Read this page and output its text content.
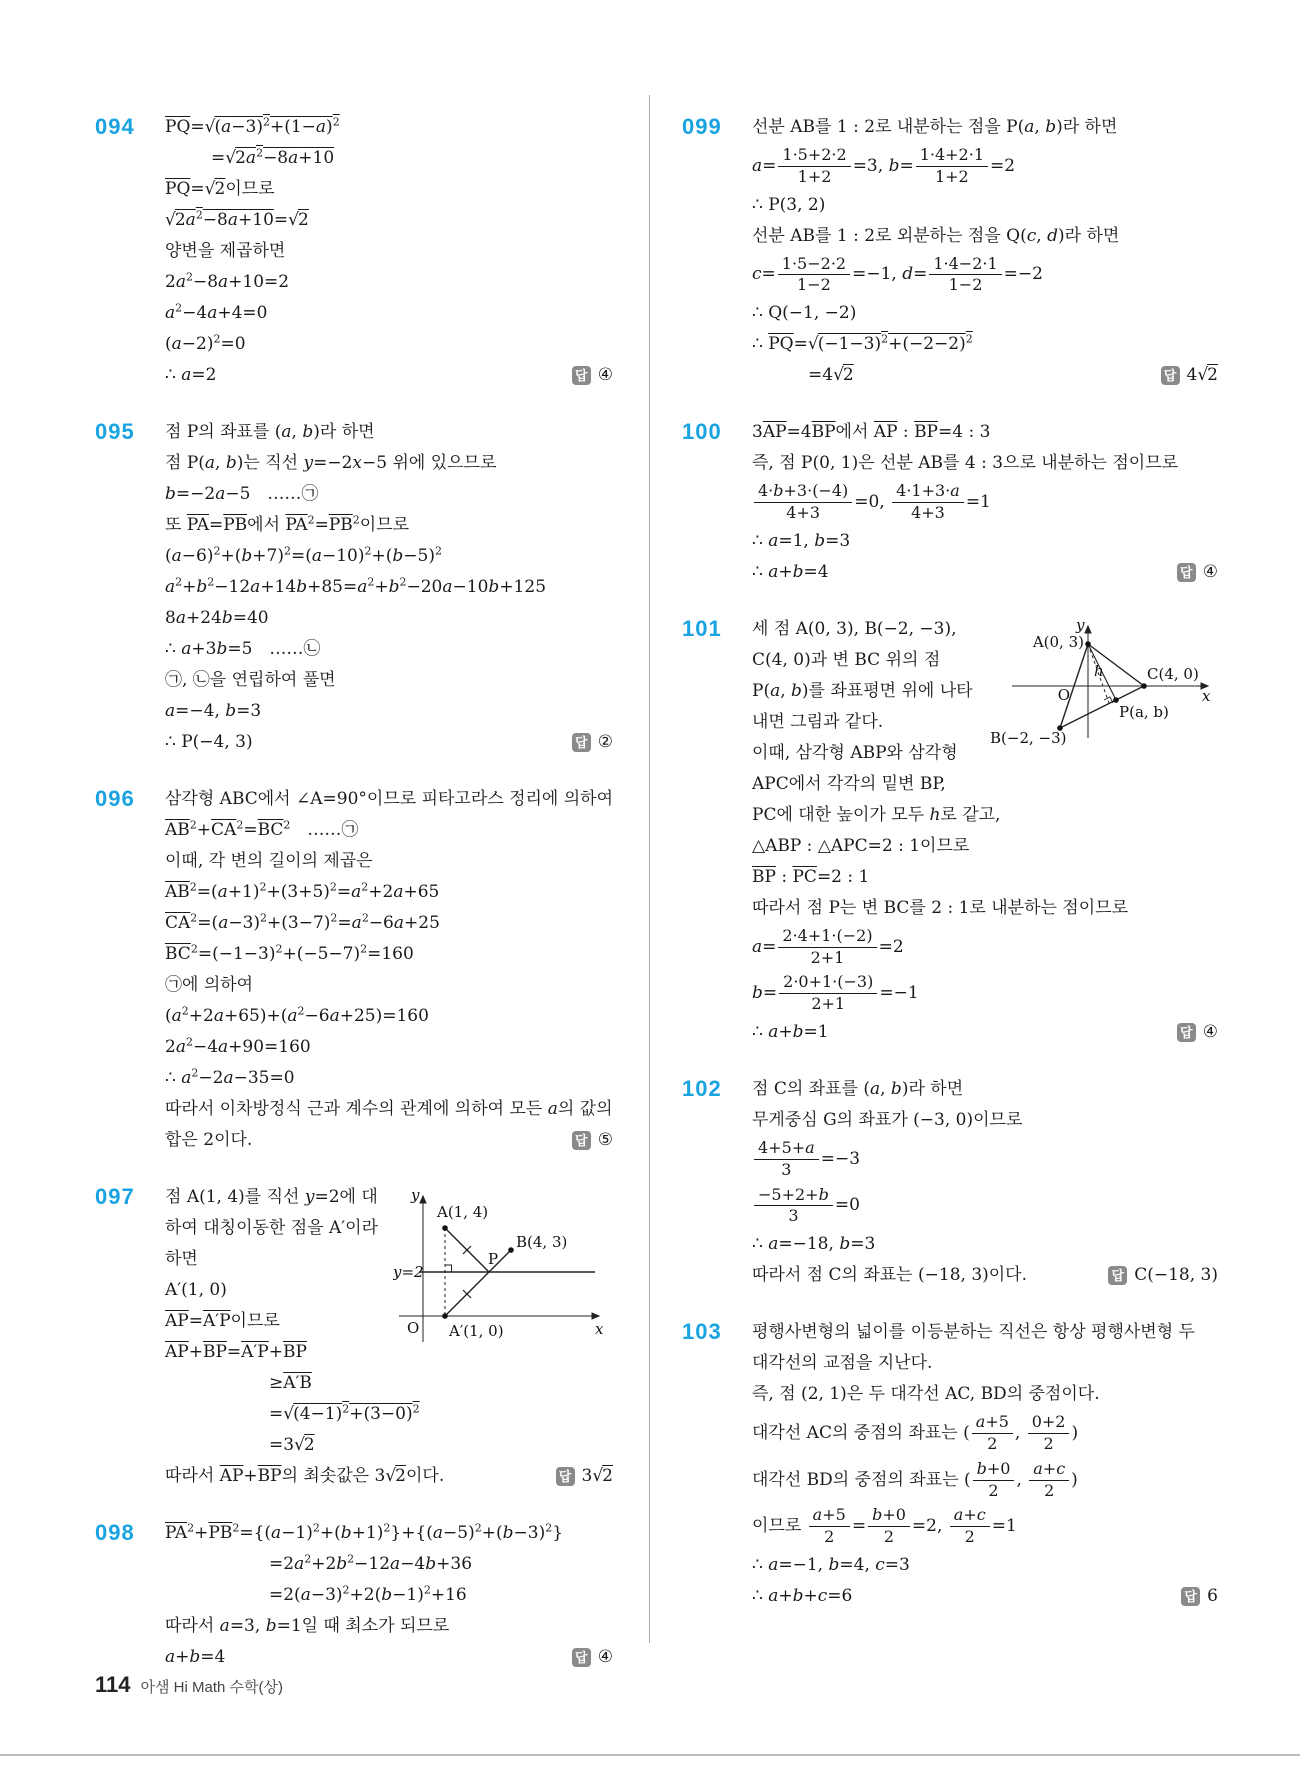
094	$\overline{PQ}=√(a-3)^2+(1-a)^2$
$=√2a^2-8a+10$
$\overline{PQ}=√2$이므로
$√2a^2-8a+10=√2$
양변을 제곱하면
$2a^2-8a+10=2$
$a^2-4a+4=0$
$(a-2)^2=0$
답 ④
∴ a=2
095	점 P의 좌표를 (a, b)라 하면
점 P(a, b)는 직선 y=−2x−5 위에 있으므로
b=−2a−5　……㉠
또 $\overline{PA}=\overline{PB}$에서 $\overline{PA}^2=\overline{PB}^2$이므로
$(a-6)^2+(b+7)^2=(a-10)^2+(b-5)^2$
$a^2+b^2-12a+14b+85=a^2+b^2-20a-10b+125$
8a+24b=40
∴ a+3b=5　……㉡
㉠, ㉡을 연립하여 풀면
a=−4, b=3
답 ②
∴ P(−4, 3)
096	삼각형 ABC에서 ∠A=90°이므로 피타고라스 정리에 의하여
$\overline{AB}^2+\overline{CA}^2=\overline{BC}^2$　……㉠
이때, 각 변의 길이의 제곱은
$\overline{AB}^2=(a+1)^2+(3+5)^2=a^2+2a+65$
$\overline{CA}^2=(a-3)^2+(3-7)^2=a^2-6a+25$
$\overline{BC}^2=(-1-3)^2+(-5-7)^2=160$
㉠에 의하여
$(a^2+2a+65)+(a^2-6a+25)=160$
$2a^2-4a+90=160$
∴ $a^2-2a-35=0$
따라서 이차방정식 근과 계수의 관계에 의하여 모든 a의 값의
답 ⑤
합은 2이다.
097	y
x
O
A(1, 4)
B(4, 3)
P
y=2
A′(1, 0)
점 A(1, 4)를 직선 y=2에 대
하여 대칭이동한 점을 A′이라
하면
A′(1, 0)
$\overline{AP}=A'P$이므로
$\overline{AP}+\overline{BP}=A'P+\overline{BP}$
≥A′B
$=√(4-1)^2+(3-0)^2$
=3√2
답 3√2
따라서 $\overline{AP}+\overline{BP}$의 최솟값은 3√2이다.
098	$\overline{PA}^2+\overline{PB}^2=\{(a-1)^2+(b+1)^2\}+\{(a-5)^2+(b-3)^2\}$
$=2a^2+2b^2-12a-4b+36$
$=2(a-3)^2+2(b-1)^2+16$
따라서 a=3, b=1일 때 최소가 되므로
답 ④
a+b=4
099	선분 AB를 1 : 2로 내분하는 점을 P(a, b)라 하면
$a= \frac{1\cdot 5+2\cdot 2}{1+2} =3$, $b= \frac{1\cdot 4+2\cdot 1}{1+2} =2$
∴ P(3, 2)
선분 AB를 1 : 2로 외분하는 점을 Q(c, d)라 하면
$c= \frac{1\cdot 5-2\cdot 2}{1-2} =-1$, $d= \frac{1\cdot 4-2\cdot 1}{1-2} =-2$
∴ Q(−1, −2)
∴ $\overline{PQ}=√(-1-3)^2+(-2-2)^2$
답 4√2
=4√2
100	$3\overline{AP}=4\overline{BP}$에서 $\overline{AP}$ : $\overline{BP}=4$ : 3
즉, 점 P(0, 1)은 선분 AB를 4 : 3으로 내분하는 점이므로
$\frac{4\cdot b+3\cdot(-4)}{4+3} =0$, $\frac{4\cdot 1+3\cdot a}{4+3} =1$
∴ a=1, b=3
답 ④
∴ a+b=4
101	y
x
O
A(0, 3)
C(4, 0)
P(a, b)
B(−2, −3)
h
세 점 A(0, 3), B(−2, −3),
C(4, 0)과 변 BC 위의 점
P(a, b)를 좌표평면 위에 나타
내면 그림과 같다.
이때, 삼각형 ABP와 삼각형
APC에서 각각의 밑변 BP,
PC에 대한 높이가 모두 h로 같고,
△ABP : △APC=2 : 1이므로
$\overline{BP}$ : $\overline{PC}=2$ : 1
따라서 점 P는 변 BC를 2 : 1로 내분하는 점이므로
$a= \frac{2\cdot 4+1\cdot(-2)}{2+1} =2$
$b= \frac{2\cdot 0+1\cdot(-3)}{2+1} =-1$
답 ④
∴ a+b=1
102	점 C의 좌표를 (a, b)라 하면
무게중심 G의 좌표가 (−3, 0)이므로
$\frac{4+5+a}{3} =-3$
$\frac{-5+2+b}{3} =0$
∴ a=−18, b=3
답 C(−18, 3)
따라서 점 C의 좌표는 (−18, 3)이다.
103	평행사변형의 넓이를 이등분하는 직선은 항상 평행사변형 두
대각선의 교점을 지난다.
즉, 점 (2, 1)은 두 대각선 AC, BD의 중점이다.
대각선 AC의 중점의 좌표는 ( $\frac{a+5}{2}$ , $\frac{0+2}{2}$ )
대각선 BD의 중점의 좌표는 ( $\frac{b+0}{2}$ , $\frac{a+c}{2}$ )
이므로 $\frac{a+5}{2} = \frac{b+0}{2} =2$, $\frac{a+c}{2} =1$
∴ a=−1, b=4, c=3
답 6
∴ a+b+c=6
114 아샘 Hi Math 수학(상)
